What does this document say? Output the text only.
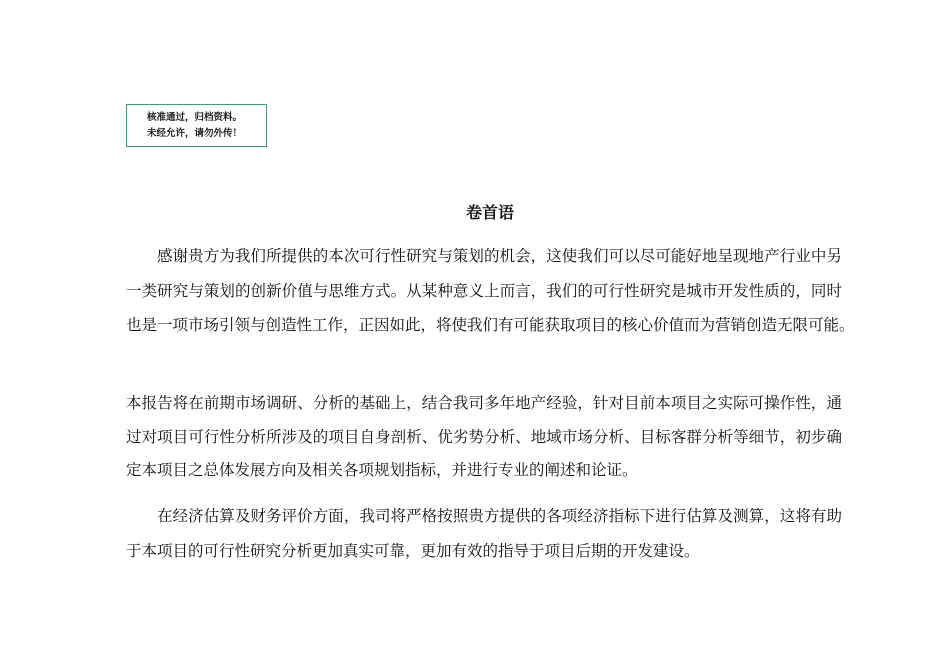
核准通过，归档资料。
未经允许，请勿外传！
卷首语
感谢贵方为我们所提供的本次可行性研究与策划的机会，这使我们可以尽可能好地呈现地产行业中另
一类研究与策划的创新价值与思维方式。从某种意义上而言，我们的可行性研究是城市开发性质的，同时
也是一项市场引领与创造性工作，正因如此，将使我们有可能获取项目的核心价值而为营销创造无限可能。
本报告将在前期市场调研、分析的基础上，结合我司多年地产经验，针对目前本项目之实际可操作性，通
过对项目可行性分析所涉及的项目自身剖析、优劣势分析、地域市场分析、目标客群分析等细节，初步确
定本项目之总体发展方向及相关各项规划指标，并进行专业的阐述和论证。
在经济估算及财务评价方面，我司将严格按照贵方提供的各项经济指标下进行估算及测算，这将有助
于本项目的可行性研究分析更加真实可靠，更加有效的指导于项目后期的开发建设。
